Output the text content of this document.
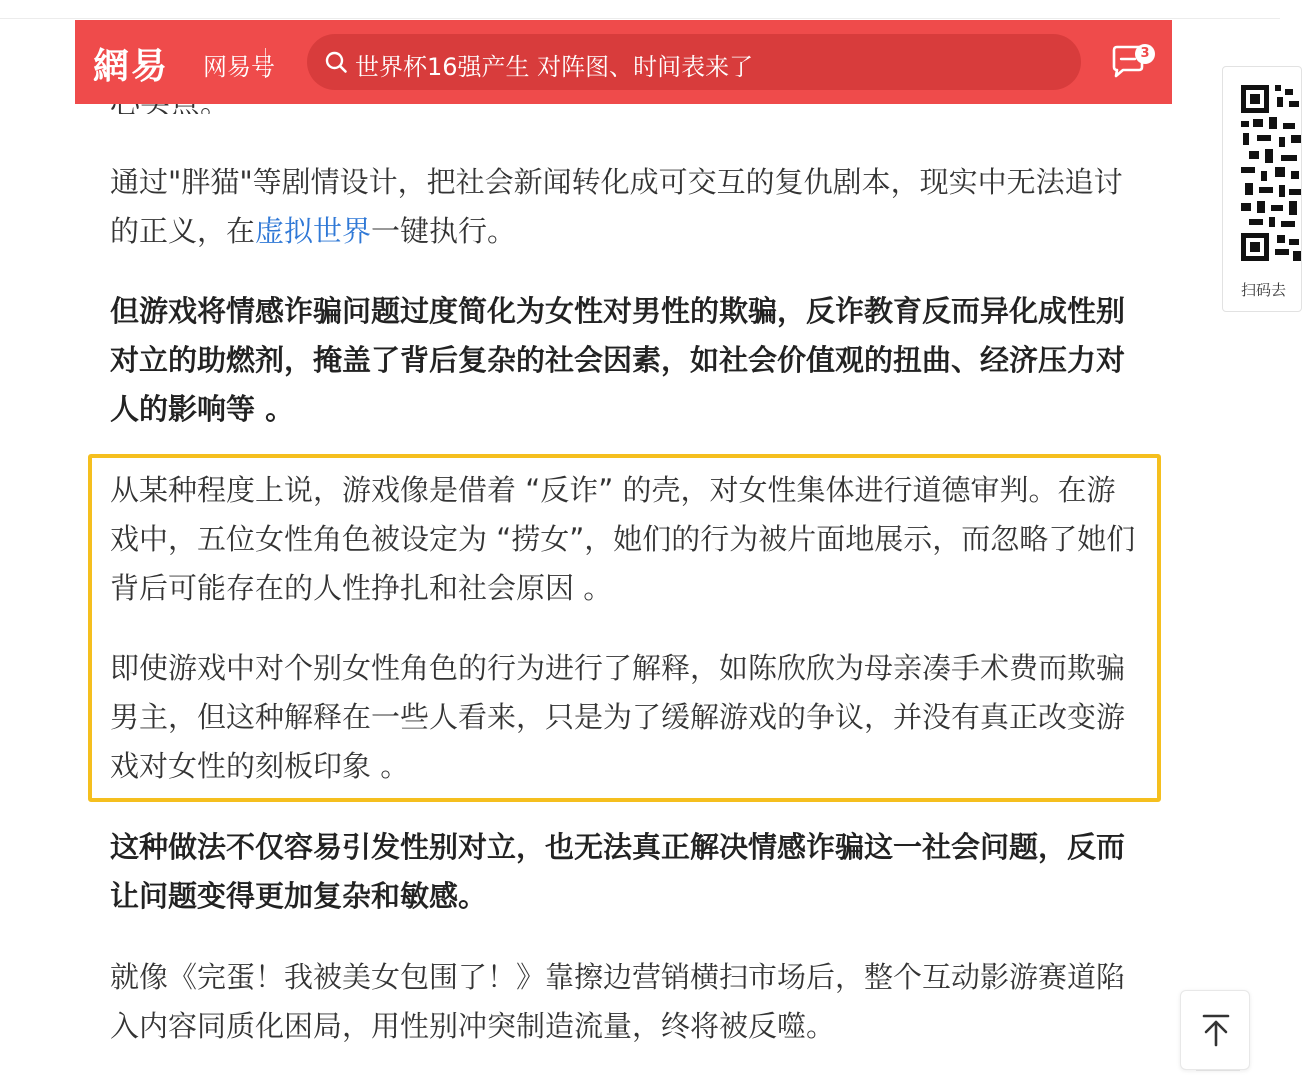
通过"胖猫"等剧情设计，把社会新闻转化成可交互的复仇剧本，现实中无法追讨的正义，在虚拟世界一键执行。

但游戏将情感诈骗问题过度简化为女性对男性的欺骗，反诈教育反而异化成性别对立的助燃剂，掩盖了背后复杂的社会因素，如社会价值观的扭曲、经济压力对人的影响等 。

从某种程度上说，游戏像是借着 “反诈” 的壳，对女性集体进行道德审判。在游戏中，五位女性角色被设定为 “捞女”，她们的行为被片面地展示，而忽略了她们背后可能存在的人性挣扎和社会原因 。

即使游戏中对个别女性角色的行为进行了解释，如陈欣欣为母亲凑手术费而欺骗男主，但这种解释在一些人看来，只是为了缓解游戏的争议，并没有真正改变游戏对女性的刻板印象 。

这种做法不仅容易引发性别对立，也无法真正解决情感诈骗这一社会问题，反而让问题变得更加复杂和敏感。

就像《完蛋！我被美女包围了！》靠擦边营销横扫市场后，整个互动影游赛道陷入内容同质化困局，用性别冲突制造流量，终将被反噬。

網易 网易号	世界杯16强产生 对阵图、时间表来了	3
扫码去
